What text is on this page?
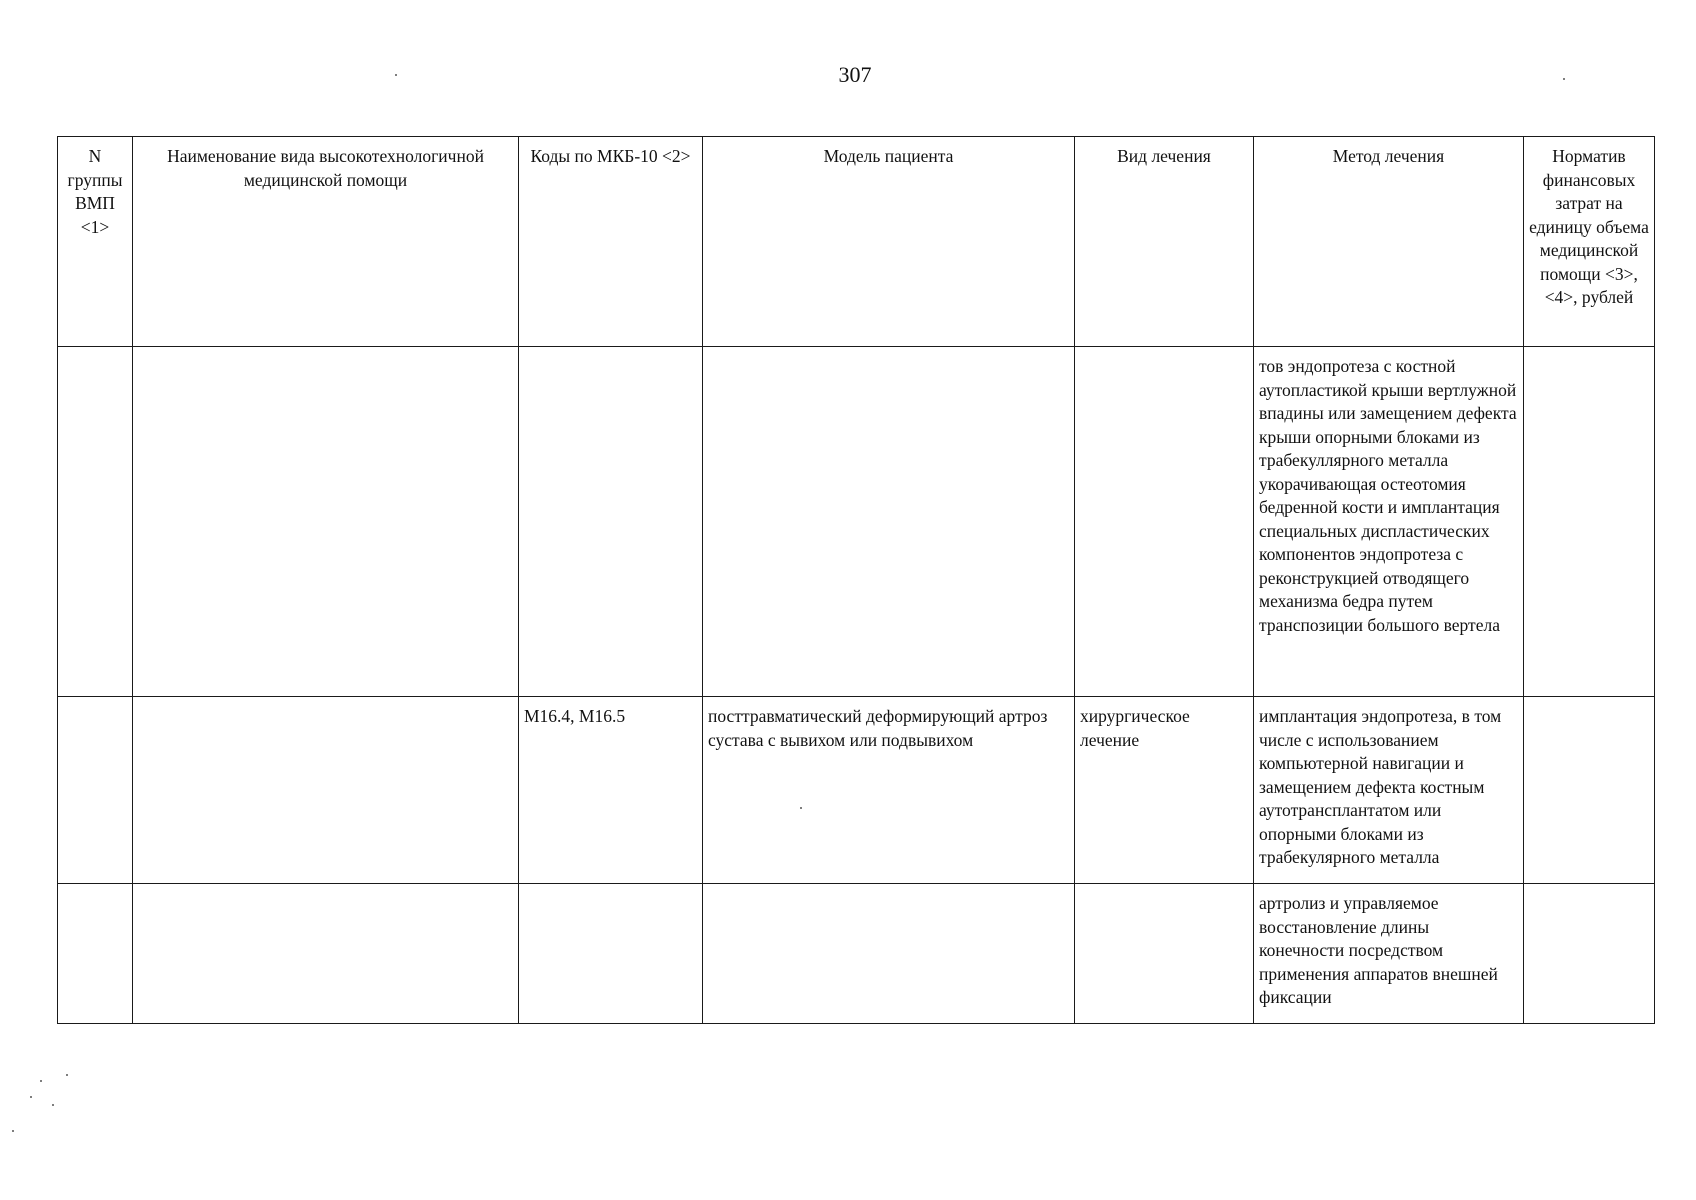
307
N группы ВМП <1>	Наименование вида высокотехнологичной медицинской помощи	Коды по МКБ-10 <2>	Модель пациента	Вид лечения	Метод лечения	Норматив финансовых затрат на единицу объема медицинской помощи <3>, <4>, рублей
					тов эндопротеза с костной аутопластикой крыши вертлужной впадины или замещением дефекта крыши опорными блоками из трабекуллярного металла укорачивающая остеотомия бедренной кости и имплантация специальных диспластических компонентов эндопротеза с реконструкцией отводящего механизма бедра путем транспозиции большого вертела	
		M16.4, M16.5	посттравматический деформирующий артроз сустава с вывихом или подвывихом	хирургическое лечение	имплантация эндопротеза, в том числе с использованием компьютерной навигации и замещением дефекта костным аутотрансплантатом или опорными блоками из трабекулярного металла	
					артролиз и управляемое восстановление длины конечности посредством применения аппаратов внешней фиксации	
